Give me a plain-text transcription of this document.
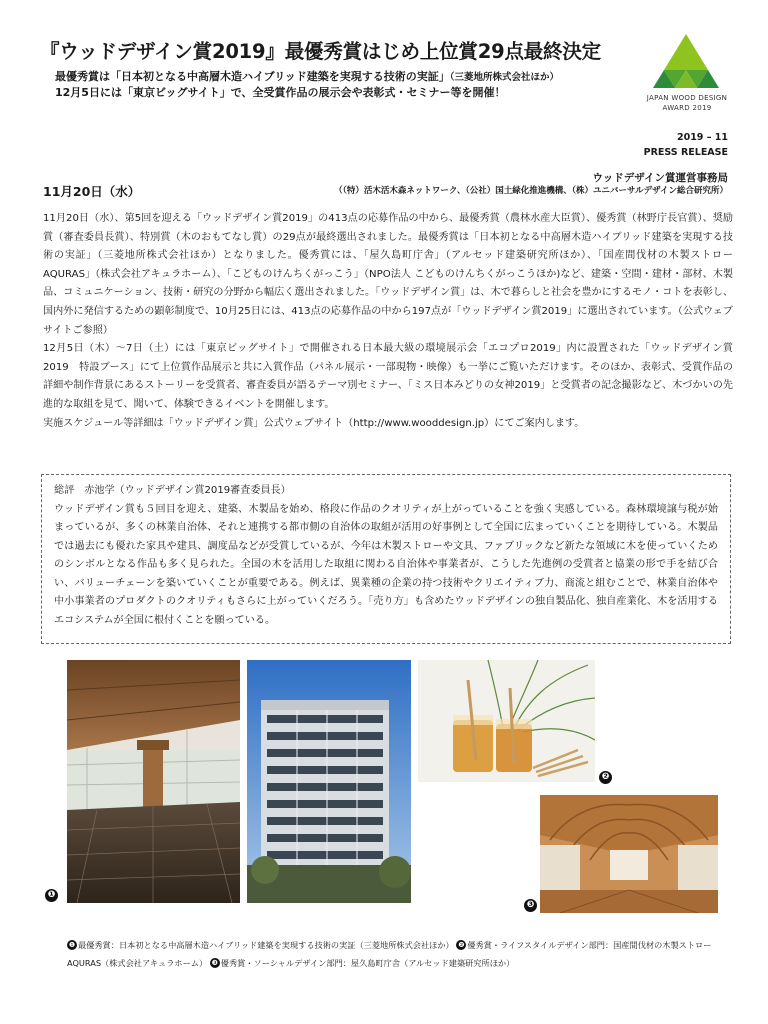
『ウッドデザイン賞2019』最優秀賞はじめ上位賞29点最終決定
最優秀賞は「日本初となる中高層木造ハイブリッド建築を実現する技術の実証」（三菱地所株式会社ほか）
12月5日には「東京ビッグサイト」で、全受賞作品の展示会や表彰式・セミナー等を開催！	JAPAN WOOD DESIGN
AWARD 2019
2019 – 11
PRESS RELEASE
ウッドデザイン賞運営事務局
（（特）活木活木森ネットワーク、（公社）国土緑化推進機構、（株）ユニバーサルデザイン総合研究所）
11月20日（水）

11月20日（水）、第5回を迎える「ウッドデザイン賞2019」の413点の応募作品の中から、最優秀賞（農林水産大臣賞）、優秀賞（林野庁長官賞）、奨励賞（審査委員長賞）、特別賞（木のおもてなし賞）の29点が最終選出されました。最優秀賞は「日本初となる中高層木造ハイブリッド建築を実現する技術の実証」（三菱地所株式会社ほか）となりました。優秀賞には、「屋久島町庁舎」（アルセッド建築研究所ほか）、「国産間伐材の木製ストロー AQURAS」（株式会社アキュラホーム）、「こどものけんちくがっこう」（NPO法人 こどものけんちくがっこうほか)など、建築・空間・建材・部材、木製品、コミュニケーション、技術・研究の分野から幅広く選出されました。「ウッドデザイン賞」は、木で暮らしと社会を豊かにするモノ・コトを表彰し、国内外に発信するための顕彰制度で、10月25日には、413点の応募作品の中から197点が「ウッドデザイン賞2019」に選出されています。（公式ウェブサイトご参照）

12月5日（木）～7日（土）には「東京ビッグサイト」で開催される日本最大級の環境展示会「エコプロ2019」内に設置された「ウッドデザイン賞2019　特設ブース」にて上位賞作品展示と共に入賞作品（パネル展示・一部現物・映像）も一挙にご覧いただけます。そのほか、表彰式、受賞作品の詳細や制作背景にあるストーリーを受賞者、審査委員が語るテーマ別セミナー、「ミス日本みどりの女神2019」と受賞者の記念撮影など、木づかいの先進的な取組を見て、聞いて、体験できるイベントを開催します。

実施スケジュール等詳細は「ウッドデザイン賞」公式ウェブサイト（http://www.wooddesign.jp）にてご案内します。

総評　赤池学（ウッドデザイン賞2019審査委員長）

ウッドデザイン賞も５回目を迎え、建築、木製品を始め、格段に作品のクオリティが上がっていることを強く実感している。森林環境譲与税が始まっているが、多くの林業自治体、それと連携する都市側の自治体の取組が活用の好事例として全国に広まっていくことを期待している。木製品では過去にも優れた家具や建具、調度品などが受賞しているが、今年は木製ストローや文具、ファブリックなど新たな領域に木を使っていくためのシンボルとなる作品も多く見られた。全国の木を活用した取組に関わる自治体や事業者が、こうした先進例の受賞者と協業の形で手を結び合い、バリューチェーンを築いていくことが重要である。例えば、異業種の企業の持つ技術やクリエイティブ力、商流と組むことで、林業自治体や中小事業者のプロダクトのクオリティもさらに上がっていくだろう。「売り方」も含めたウッドデザインの独自製品化、独自産業化、木を活用するエコシステムが全国に根付くことを願っている。

❶
❷
❸
❶ 最優秀賞：日本初となる中高層木造ハイブリッド建築を実現する技術の実証（三菱地所株式会社ほか） ❷ 優秀賞・ライフスタイルデザイン部門：国産間伐材の木製ストロー AQURAS（株式会社アキュラホーム） ❸ 優秀賞・ソーシャルデザイン部門：屋久島町庁舎（アルセッド建築研究所ほか）
